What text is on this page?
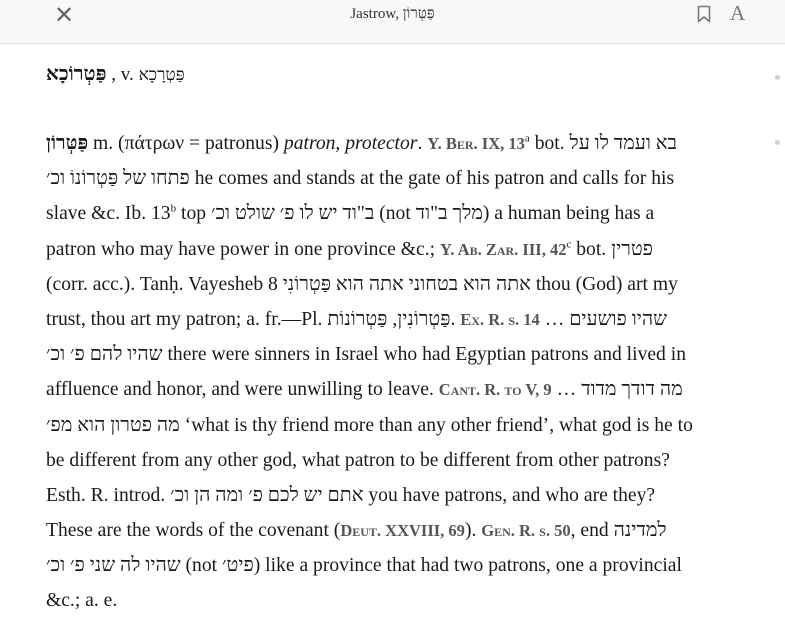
✕	Jastrow, פַּטְּרוֹן	A
פַּטְרוֹכָא , v. פַּטְרָכָא
פַּטְּרוֹן m. (πάτρων = patronus) patron, protector. Y. Ber. IX, 13$^a$ bot. בא ועמד לו על
פתחו של פַּטְרוֹנוֹ וכ׳ he comes and stands at the gate of his patron and calls for his
slave &c. Ib. 13$^b$ top ב"וד יש לו פ׳ שולט וכ׳ (not מלך ב"וד) a human being has a
patron who may have power in one province &c.; Y. Ab. Zar. III, 42$^c$ bot. פטרין
(corr. acc.). Tanḥ. Vayesheb 8 אתה הוא בטחוני אתה הוא פַּטְרוֹנִי thou (God) art my
trust, thou art my patron; a. fr.—Pl. פַּטְרוֹנִין, פַּטְרוֹנוֹת. Ex. R. s. 14 … שהיו פושעים
שהיו להם פ׳ וכ׳ there were sinners in Israel who had Egyptian patrons and lived in
affluence and honor, and were unwilling to leave. Cant. R. to V, 9 … מה דודך מדוד
מה פטרון הוא מפ׳ ‘what is thy friend more than any other friend’, what god is he to
be different from any other god, what patron to be different from other patrons?
Esth. R. introd. אתם יש לכם פ׳ ומה הן וכ׳ you have patrons, and who are they?
These are the words of the covenant (Deut. XXVIII, 69). Gen. R. s. 50, end למדינה
שהיו לה שני פ׳ וכ׳ (not פיט׳) like a province that had two patrons, one a provincial
&c.; a. e.
